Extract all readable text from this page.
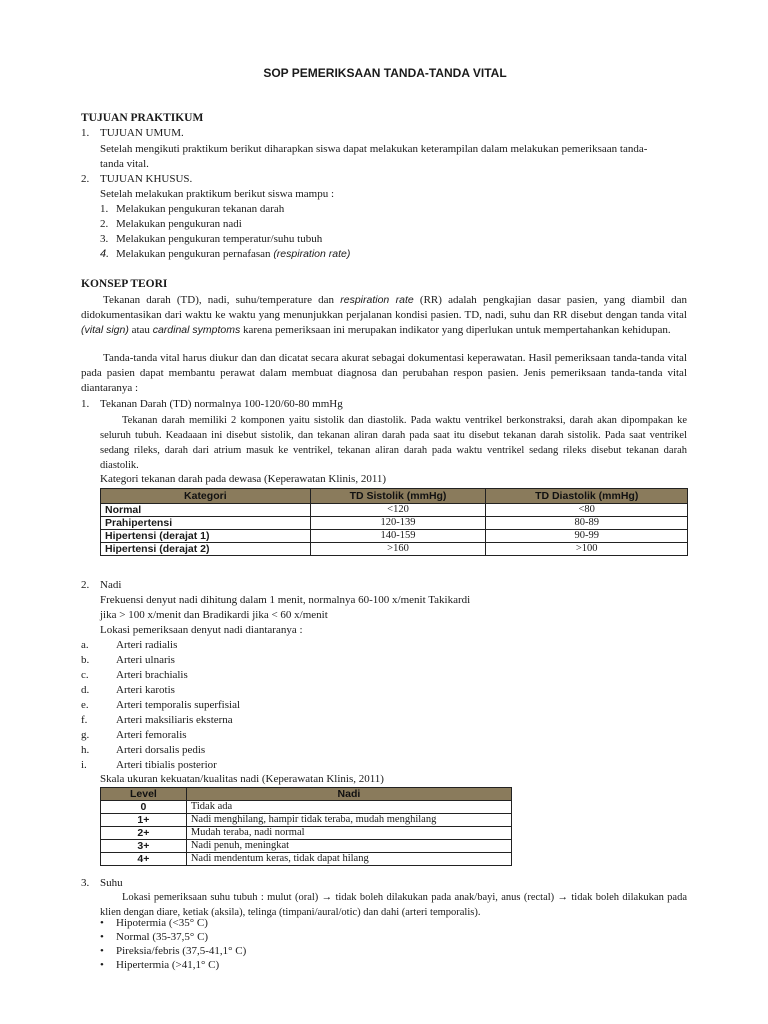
SOP PEMERIKSAAN TANDA-TANDA VITAL
TUJUAN PRAKTIKUM
1. TUJUAN UMUM.
Setelah mengikuti praktikum berikut diharapkan siswa dapat melakukan keterampilan dalam melakukan pemeriksaan tanda-
tanda vital.
2. TUJUAN KHUSUS.
Setelah melakukan praktikum berikut siswa mampu :
1. Melakukan pengukuran tekanan darah
2. Melakukan pengukuran nadi
3. Melakukan pengukuran temperatur/suhu tubuh
4. Melakukan pengukuran pernafasan (respiration rate)
KONSEP TEORI
Tekanan darah (TD), nadi, suhu/temperature dan respiration rate (RR) adalah pengkajian dasar pasien, yang diambil dan didokumentasikan dari waktu ke waktu yang menunjukkan perjalanan kondisi pasien. TD, nadi, suhu dan RR disebut dengan tanda vital (vital sign) atau cardinal symptoms karena pemeriksaan ini merupakan indikator yang diperlukan untuk mempertahankan kehidupan.
Tanda-tanda vital harus diukur dan dan dicatat secara akurat sebagai dokumentasi keperawatan. Hasil pemeriksaan tanda-tanda vital pada pasien dapat membantu perawat dalam membuat diagnosa dan perubahan respon pasien. Jenis pemeriksaan tanda-tanda vital diantaranya :
1. Tekanan Darah (TD) normalnya 100-120/60-80 mmHg
Tekanan darah memiliki 2 komponen yaitu sistolik dan diastolik. Pada waktu ventrikel berkonstraksi, darah akan dipompakan ke seluruh tubuh. Keadaaan ini disebut sistolik, dan tekanan aliran darah pada saat itu disebut tekanan darah sistolik. Pada saat ventrikel sedang rileks, darah dari atrium masuk ke ventrikel, tekanan aliran darah pada waktu ventrikel sedang rileks disebut tekanan darah diastolik.
Kategori tekanan darah pada dewasa (Keperawatan Klinis, 2011)
Kategori	TD Sistolik (mmHg)	TD Diastolik (mmHg)
Normal	<120	<80
Prahipertensi	120-139	80-89
Hipertensi (derajat 1)	140-159	90-99
Hipertensi (derajat 2)	>160	>100
2. Nadi
Frekuensi denyut nadi dihitung dalam 1 menit, normalnya 60-100 x/menit Takikardi
jika > 100 x/menit dan Bradikardi jika < 60 x/menit
Lokasi pemeriksaan denyut nadi diantaranya :
a. Arteri radialis
b. Arteri ulnaris
c. Arteri brachialis
d. Arteri karotis
e. Arteri temporalis superfisial
f.	Arteri maksiliaris eksterna
g. Arteri femoralis
h. Arteri dorsalis pedis
i.	Arteri tibialis posterior
Skala ukuran kekuatan/kualitas nadi (Keperawatan Klinis, 2011)
Level	Nadi
0	Tidak ada
1+	Nadi menghilang, hampir tidak teraba, mudah menghilang
2+	Mudah teraba, nadi normal
3+	Nadi penuh, meningkat
4+	Nadi mendentum keras, tidak dapat hilang
3. Suhu
Lokasi pemeriksaan suhu tubuh : mulut (oral) → tidak boleh dilakukan pada anak/bayi, anus (rectal) → tidak boleh dilakukan pada klien dengan diare, ketiak (aksila), telinga (timpani/aural/otic) dan dahi (arteri temporalis).
• Hipotermia (<35° C)
• Normal (35-37,5° C)
• Pireksia/febris (37,5-41,1° C)
• Hipertermia (>41,1° C)
